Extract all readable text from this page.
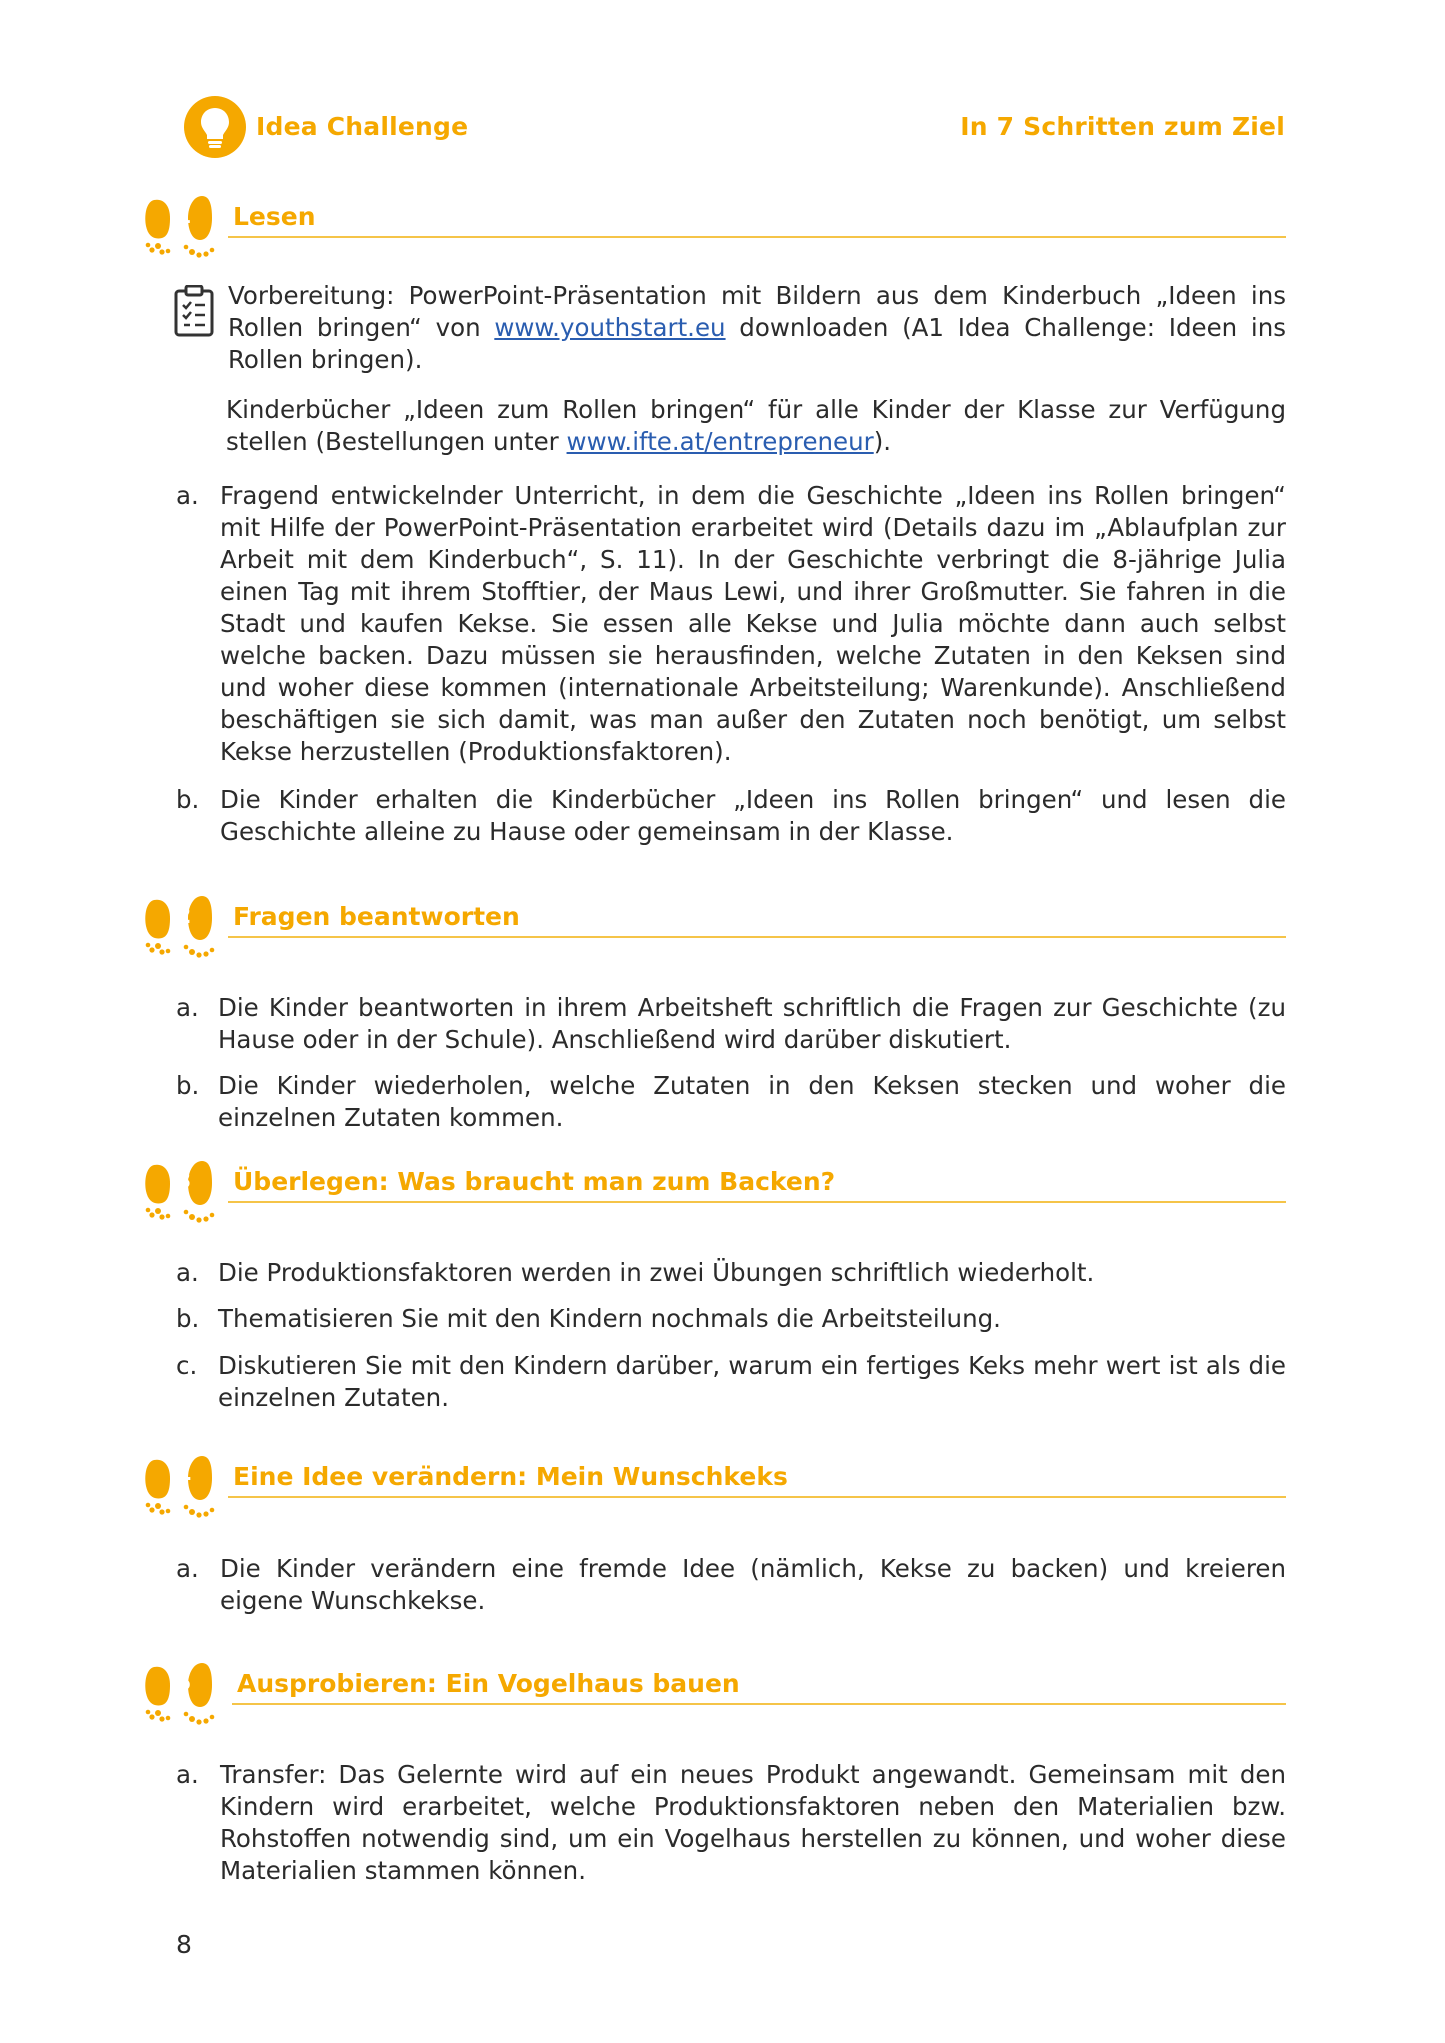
Idea Challenge	In 7 Schritten zum Ziel
1 Lesen
Vorbereitung: PowerPoint-Präsentation mit Bildern aus dem Kinderbuch „Ideen ins Rollen bringen“ von www.youthstart.eu downloaden (A1 Idea Challenge: Ideen ins Rollen bringen).
Kinderbücher „Ideen zum Rollen bringen“ für alle Kinder der Klasse zur Verfügung stellen (Bestellungen unter www.ifte.at/entrepreneur).
a. Fragend entwickelnder Unterricht, in dem die Geschichte „Ideen ins Rollen bringen“ mit Hilfe der PowerPoint-Präsentation erarbeitet wird (Details dazu im „Ablaufplan zur Arbeit mit dem Kinderbuch“, S. 11). In der Geschichte verbringt die 8-jährige Julia einen Tag mit ihrem Stofftier, der Maus Lewi, und ihrer Großmutter. Sie fahren in die Stadt und kaufen Kekse. Sie essen alle Kekse und Julia möchte dann auch selbst welche backen. Dazu müssen sie herausfinden, welche Zutaten in den Keksen sind und woher diese kommen (internationale Arbeitsteilung; Warenkunde). Anschließend beschäftigen sie sich damit, was man außer den Zutaten noch benötigt, um selbst Kekse herzustellen (Produktionsfaktoren).
b. Die Kinder erhalten die Kinderbücher „Ideen ins Rollen bringen“ und lesen die Geschichte alleine zu Hause oder gemeinsam in der Klasse.
2 Fragen beantworten
a. Die Kinder beantworten in ihrem Arbeitsheft schriftlich die Fragen zur Geschichte (zu Hause oder in der Schule). Anschließend wird darüber diskutiert.
b. Die Kinder wiederholen, welche Zutaten in den Keksen stecken und woher die einzelnen Zutaten kommen.
3 Überlegen: Was braucht man zum Backen?
a. Die Produktionsfaktoren werden in zwei Übungen schriftlich wiederholt.
b. Thematisieren Sie mit den Kindern nochmals die Arbeitsteilung.
c. Diskutieren Sie mit den Kindern darüber, warum ein fertiges Keks mehr wert ist als die einzelnen Zutaten.
4 Eine Idee verändern: Mein Wunschkeks
a. Die Kinder verändern eine fremde Idee (nämlich, Kekse zu backen) und kreieren eigene Wunschkekse.
5 Ausprobieren: Ein Vogelhaus bauen
a. Transfer: Das Gelernte wird auf ein neues Produkt angewandt. Gemeinsam mit den Kindern wird erarbeitet, welche Produktionsfaktoren neben den Materialien bzw. Rohstoffen notwendig sind, um ein Vogelhaus herstellen zu können, und woher diese Materialien stammen können.
8
